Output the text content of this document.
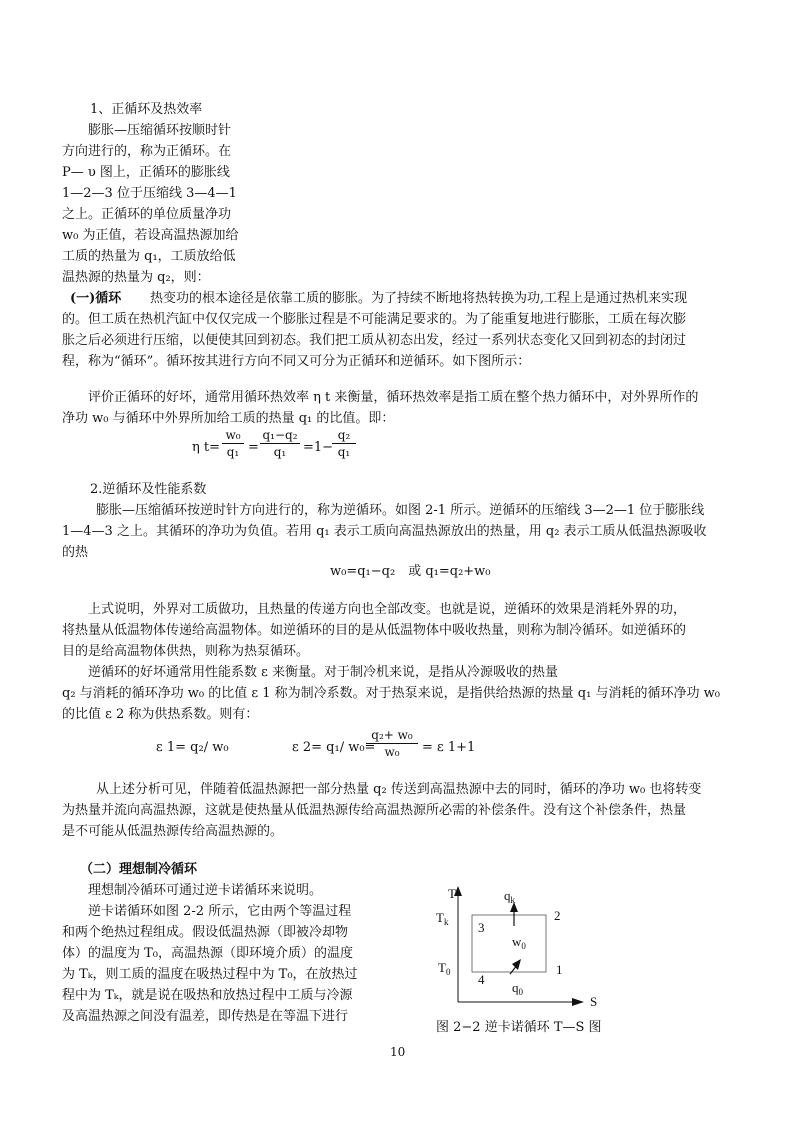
1、正循环及热效率
膨胀—压缩循环按顺时针
方向进行的，称为正循环。在
P— υ 图上，正循环的膨胀线
1—2—3 位于压缩线 3—4—1
之上。正循环的单位质量净功
w₀ 为正值，若设高温热源加给
工质的热量为 q₁，工质放给低
温热源的热量为 q₂，则：
(一)循环 热变功的根本途径是依靠工质的膨胀。为了持续不断地将热转换为功,工程上是通过热机来实现
的。但工质在热机汽缸中仅仅完成一个膨胀过程是不可能满足要求的。为了能重复地进行膨胀，工质在每次膨
胀之后必须进行压缩，以便使其回到初态。我们把工质从初态出发，经过一系列状态变化又回到初态的封闭过
程，称为“循环”。循环按其进行方向不同又可分为正循环和逆循环。如下图所示：
评价正循环的好坏，通常用循环热效率 η t 来衡量，循环热效率是指工质在整个热力循环中，对外界所作的
净功 w₀ 与循环中外界所加给工质的热量 q₁ 的比值。即：
η t=
w₀
q₁ =
q₁−q₂
q₁	=1−
q₂
q₁
2.逆循环及性能系数
膨胀—压缩循环按逆时针方向进行的，称为逆循环。如图 2-1 所示。逆循环的压缩线 3—2—1 位于膨胀线
1—4—3 之上。其循环的净功为负值。若用 q₁ 表示工质向高温热源放出的热量，用 q₂ 表示工质从低温热源吸收
的热
w₀=q₁−q₂　或 q₁=q₂+w₀
上式说明，外界对工质做功，且热量的传递方向也全部改变。也就是说，逆循环的效果是消耗外界的功，
将热量从低温物体传递给高温物体。如逆循环的目的是从低温物体中吸收热量，则称为制冷循环。如逆循环的
目的是给高温物体供热，则称为热泵循环。
逆循环的好坏通常用性能系数 ε 来衡量。对于制冷机来说，是指从冷源吸收的热量
q₂ 与消耗的循环净功 w₀ 的比值 ε 1 称为制冷系数。对于热泵来说，是指供给热源的热量 q₁ 与消耗的循环净功 w₀
的比值 ε 2 称为供热系数。则有：
ε 1= q₂∕ w₀	ε 2= q₁∕ w₀=
q₂+ w₀
w₀	= ε 1+1
从上述分析可见，伴随着低温热源把一部分热量 q₂ 传送到高温热源中去的同时，循环的净功 w₀ 也将转变
为热量并流向高温热源，这就是使热量从低温热源传给高温热源所必需的补偿条件。没有这个补偿条件，热量
是不可能从低温热源传给高温热源的。
（二）理想制冷循环
理想制冷循环可通过逆卡诺循环来说明。
逆卡诺循环如图 2-2 所示，它由两个等温过程
和两个绝热过程组成。假设低温热源（即被冷却物
体）的温度为 T₀，高温热源（即环境介质）的温度
为 Tₖ，则工质的温度在吸热过程中为 T₀，在放热过
程中为 Tₖ，就是说在吸热和放热过程中工质与冷源
及高温热源之间没有温差，即传热是在等温下进行
T
S
$T_k$
$T_0$
$q_k$
$w_0$
$q_0$
2
1
3
4
图 2−2 逆卡诺循环 T—S 图
10
